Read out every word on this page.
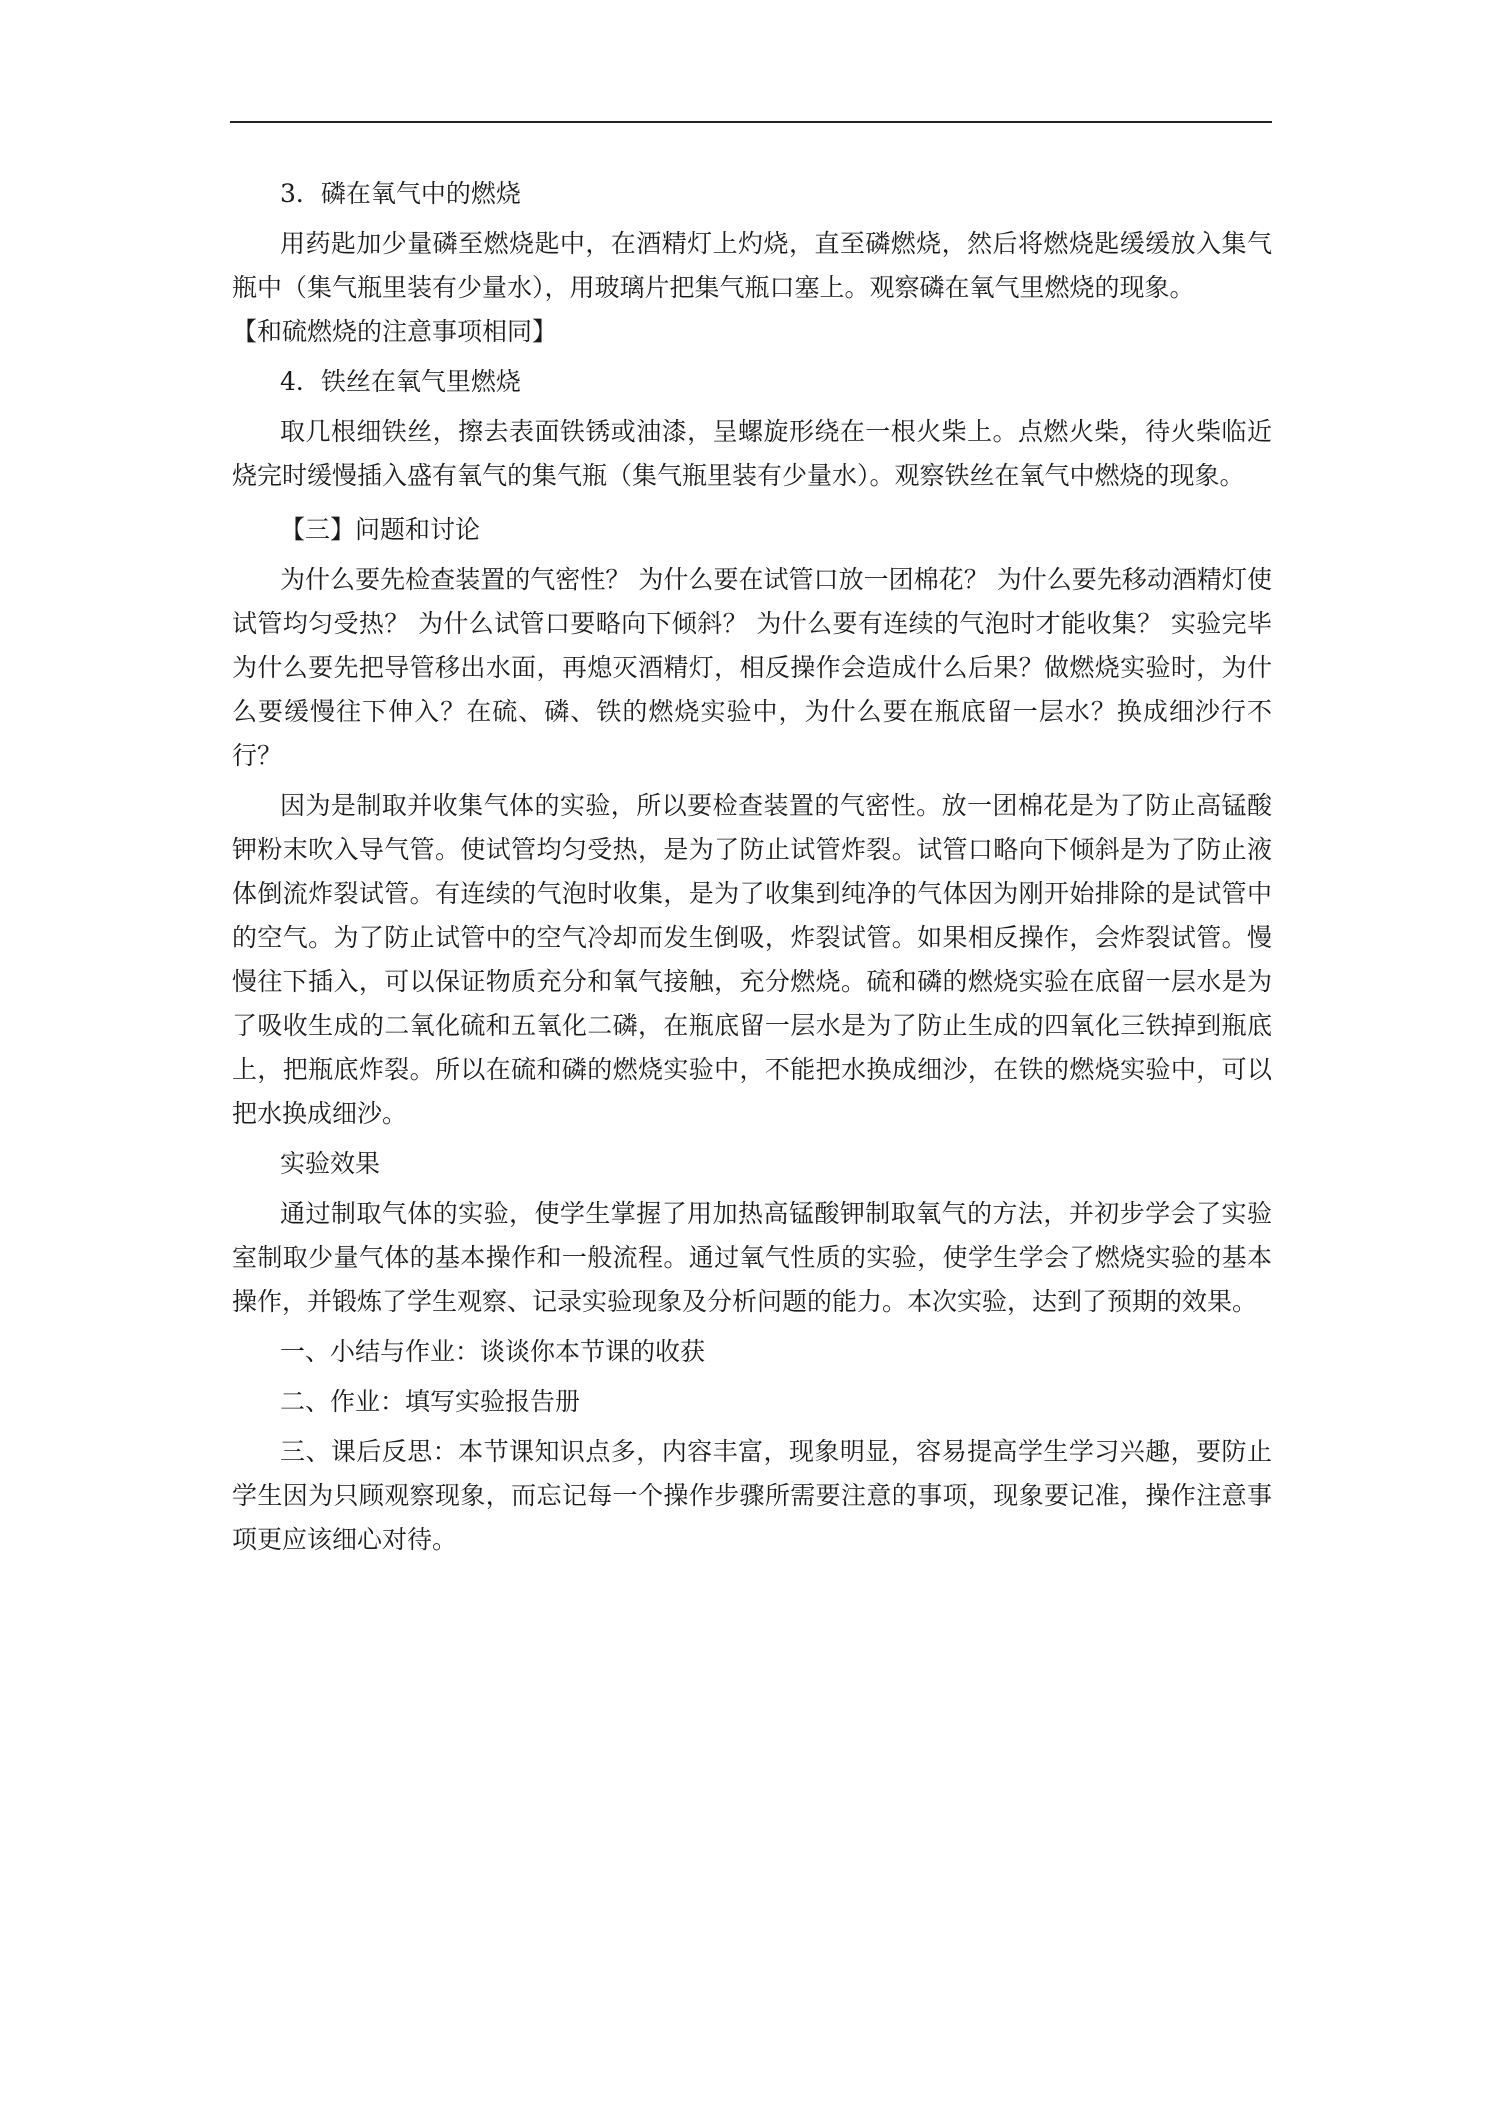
3．磷在氧气中的燃烧

用药匙加少量磷至燃烧匙中，在酒精灯上灼烧，直至磷燃烧，然后将燃烧匙缓缓放入集气瓶中（集气瓶里装有少量水），用玻璃片把集气瓶口塞上。观察磷在氧气里燃烧的现象。

【和硫燃烧的注意事项相同】

4．铁丝在氧气里燃烧

取几根细铁丝，擦去表面铁锈或油漆，呈螺旋形绕在一根火柴上。点燃火柴，待火柴临近烧完时缓慢插入盛有氧气的集气瓶（集气瓶里装有少量水）。观察铁丝在氧气中燃烧的现象。

【三】问题和讨论

为什么要先检查装置的气密性？ 为什么要在试管口放一团棉花？ 为什么要先移动酒精灯使试管均匀受热？ 为什么试管口要略向下倾斜？ 为什么要有连续的气泡时才能收集？ 实验完毕为什么要先把导管移出水面，再熄灭酒精灯，相反操作会造成什么后果？做燃烧实验时，为什么要缓慢往下伸入？在硫、磷、铁的燃烧实验中，为什么要在瓶底留一层水？换成细沙行不行？

因为是制取并收集气体的实验，所以要检查装置的气密性。放一团棉花是为了防止高锰酸钾粉末吹入导气管。使试管均匀受热，是为了防止试管炸裂。试管口略向下倾斜是为了防止液体倒流炸裂试管。有连续的气泡时收集，是为了收集到纯净的气体因为刚开始排除的是试管中的空气。为了防止试管中的空气冷却而发生倒吸，炸裂试管。如果相反操作，会炸裂试管。慢慢往下插入，可以保证物质充分和氧气接触，充分燃烧。硫和磷的燃烧实验在底留一层水是为了吸收生成的二氧化硫和五氧化二磷，在瓶底留一层水是为了防止生成的四氧化三铁掉到瓶底上，把瓶底炸裂。所以在硫和磷的燃烧实验中，不能把水换成细沙，在铁的燃烧实验中，可以把水换成细沙。

实验效果

通过制取气体的实验，使学生掌握了用加热高锰酸钾制取氧气的方法，并初步学会了实验室制取少量气体的基本操作和一般流程。通过氧气性质的实验，使学生学会了燃烧实验的基本操作，并锻炼了学生观察、记录实验现象及分析问题的能力。本次实验，达到了预期的效果。

一、小结与作业：谈谈你本节课的收获

二、作业：填写实验报告册

三、课后反思：本节课知识点多，内容丰富，现象明显，容易提高学生学习兴趣，要防止学生因为只顾观察现象，而忘记每一个操作步骤所需要注意的事项，现象要记准，操作注意事项更应该细心对待。
